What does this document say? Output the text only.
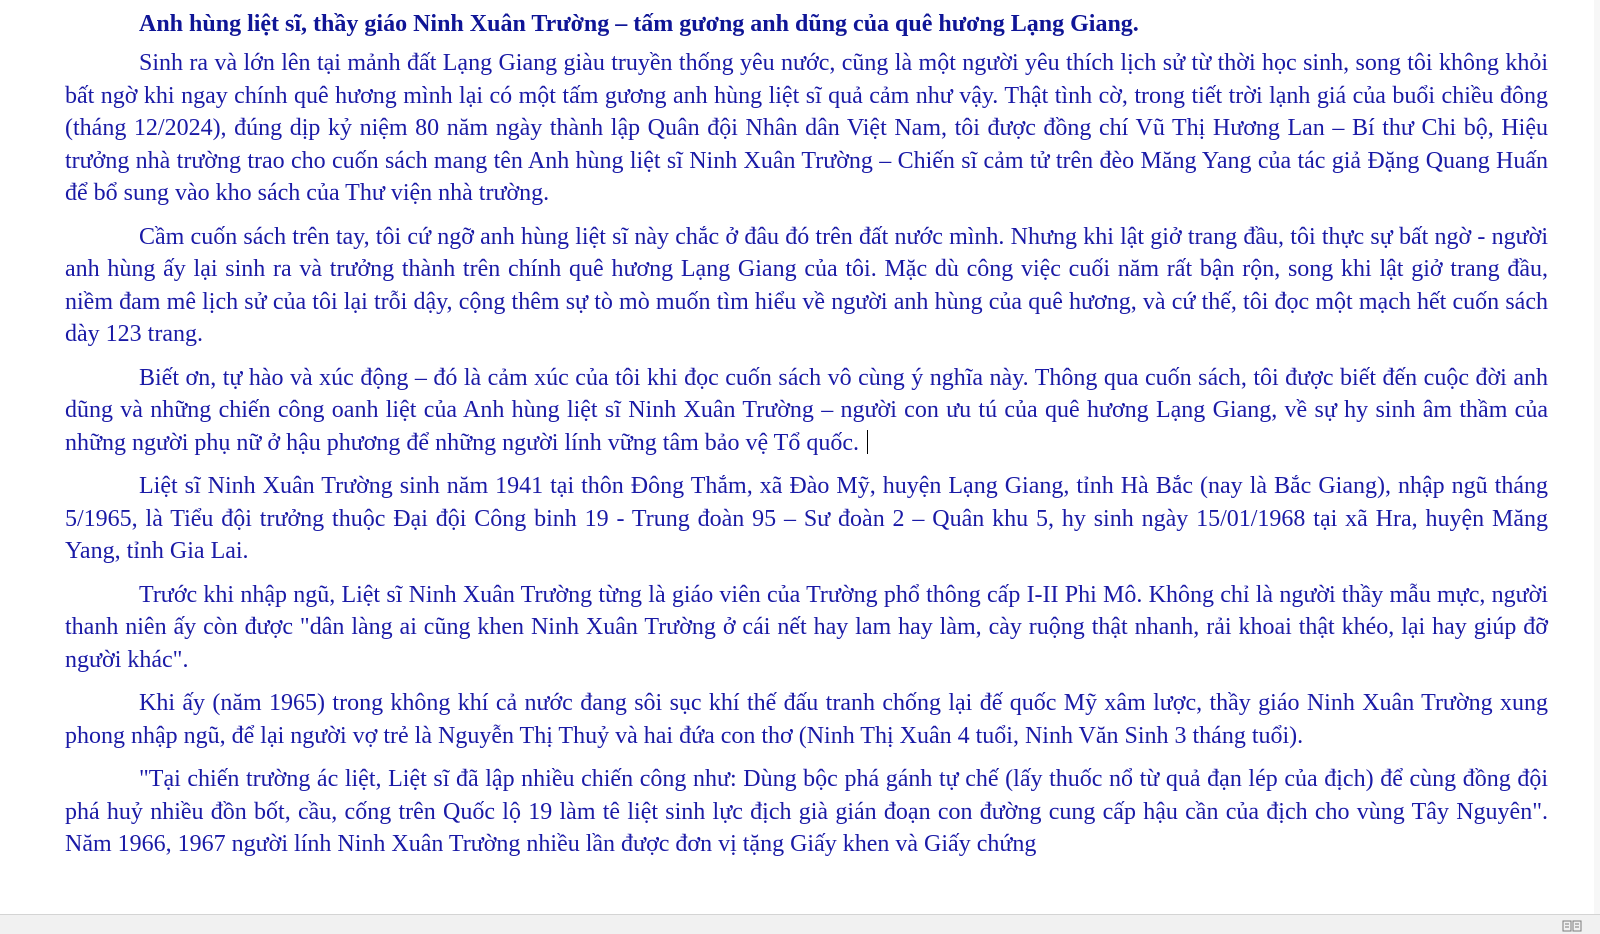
Anh hùng liệt sĩ, thầy giáo Ninh Xuân Trường – tấm gương anh dũng của quê hương Lạng Giang.

Sinh ra và lớn lên tại mảnh đất Lạng Giang giàu truyền thống yêu nước, cũng là một người yêu thích lịch sử từ thời học sinh, song tôi không khỏi bất ngờ khi ngay chính quê hương mình lại có một tấm gương anh hùng liệt sĩ quả cảm như vậy. Thật tình cờ, trong tiết trời lạnh giá của buổi chiều đông (tháng 12/2024), đúng dịp kỷ niệm 80 năm ngày thành lập Quân đội Nhân dân Việt Nam, tôi được đồng chí Vũ Thị Hương Lan – Bí thư Chi bộ, Hiệu trưởng nhà trường trao cho cuốn sách mang tên Anh hùng liệt sĩ Ninh Xuân Trường – Chiến sĩ cảm tử trên đèo Măng Yang của tác giả Đặng Quang Huấn để bổ sung vào kho sách của Thư viện nhà trường.

Cầm cuốn sách trên tay, tôi cứ ngỡ anh hùng liệt sĩ này chắc ở đâu đó trên đất nước mình. Nhưng khi lật giở trang đầu, tôi thực sự bất ngờ - người anh hùng ấy lại sinh ra và trưởng thành trên chính quê hương Lạng Giang của tôi. Mặc dù công việc cuối năm rất bận rộn, song khi lật giở trang đầu, niềm đam mê lịch sử của tôi lại trỗi dậy, cộng thêm sự tò mò muốn tìm hiểu về người anh hùng của quê hương, và cứ thế, tôi đọc một mạch hết cuốn sách dày 123 trang.

Biết ơn, tự hào và xúc động – đó là cảm xúc của tôi khi đọc cuốn sách vô cùng ý nghĩa này. Thông qua cuốn sách, tôi được biết đến cuộc đời anh dũng và những chiến công oanh liệt của Anh hùng liệt sĩ Ninh Xuân Trường – người con ưu tú của quê hương Lạng Giang, về sự hy sinh âm thầm của những người phụ nữ ở hậu phương để những người lính vững tâm bảo vệ Tổ quốc.

Liệt sĩ Ninh Xuân Trường sinh năm 1941 tại thôn Đông Thắm, xã Đào Mỹ, huyện Lạng Giang, tỉnh Hà Bắc (nay là Bắc Giang), nhập ngũ tháng 5/1965, là Tiểu đội trưởng thuộc Đại đội Công binh 19 - Trung đoàn 95 – Sư đoàn 2 – Quân khu 5, hy sinh ngày 15/01/1968 tại xã Hra, huyện Măng Yang, tỉnh Gia Lai.

Trước khi nhập ngũ, Liệt sĩ Ninh Xuân Trường từng là giáo viên của Trường phổ thông cấp I-II Phi Mô. Không chỉ là người thầy mẫu mực, người thanh niên ấy còn được "dân làng ai cũng khen Ninh Xuân Trường ở cái nết hay lam hay làm, cày ruộng thật nhanh, rải khoai thật khéo, lại hay giúp đỡ người khác".

Khi ấy (năm 1965) trong không khí cả nước đang sôi sục khí thế đấu tranh chống lại đế quốc Mỹ xâm lược, thầy giáo Ninh Xuân Trường xung phong nhập ngũ, để lại người vợ trẻ là Nguyễn Thị Thuỷ và hai đứa con thơ (Ninh Thị Xuân 4 tuổi, Ninh Văn Sinh 3 tháng tuổi).

"Tại chiến trường ác liệt, Liệt sĩ đã lập nhiều chiến công như: Dùng bộc phá gánh tự chế (lấy thuốc nổ từ quả đạn lép của địch) để cùng đồng đội phá huỷ nhiều đồn bốt, cầu, cống trên Quốc lộ 19 làm tê liệt sinh lực địch già gián đoạn con đường cung cấp hậu cần của địch cho vùng Tây Nguyên". Năm 1966, 1967 người lính Ninh Xuân Trường nhiều lần được đơn vị tặng Giấy khen và Giấy chứng
